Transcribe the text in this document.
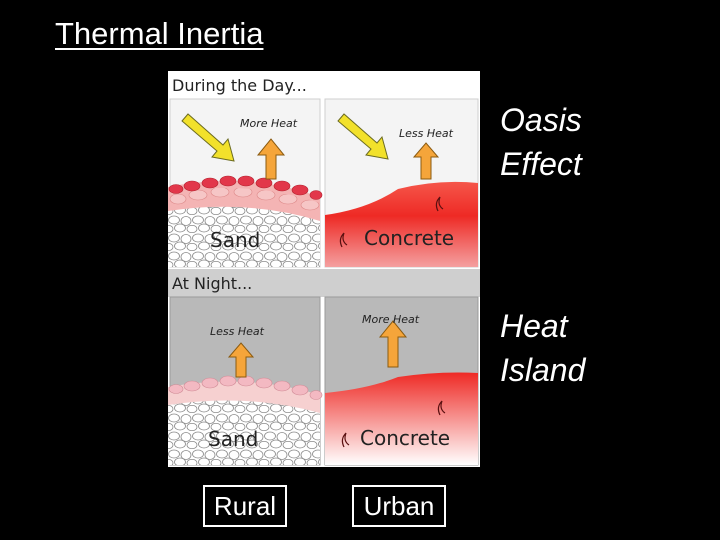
Thermal Inertia
During the Day...
More Heat
Sand
Less Heat
Concrete
At Night...
Less Heat
Sand
More Heat
Concrete
Oasis
Effect
Heat
Island
Rural	Urban
